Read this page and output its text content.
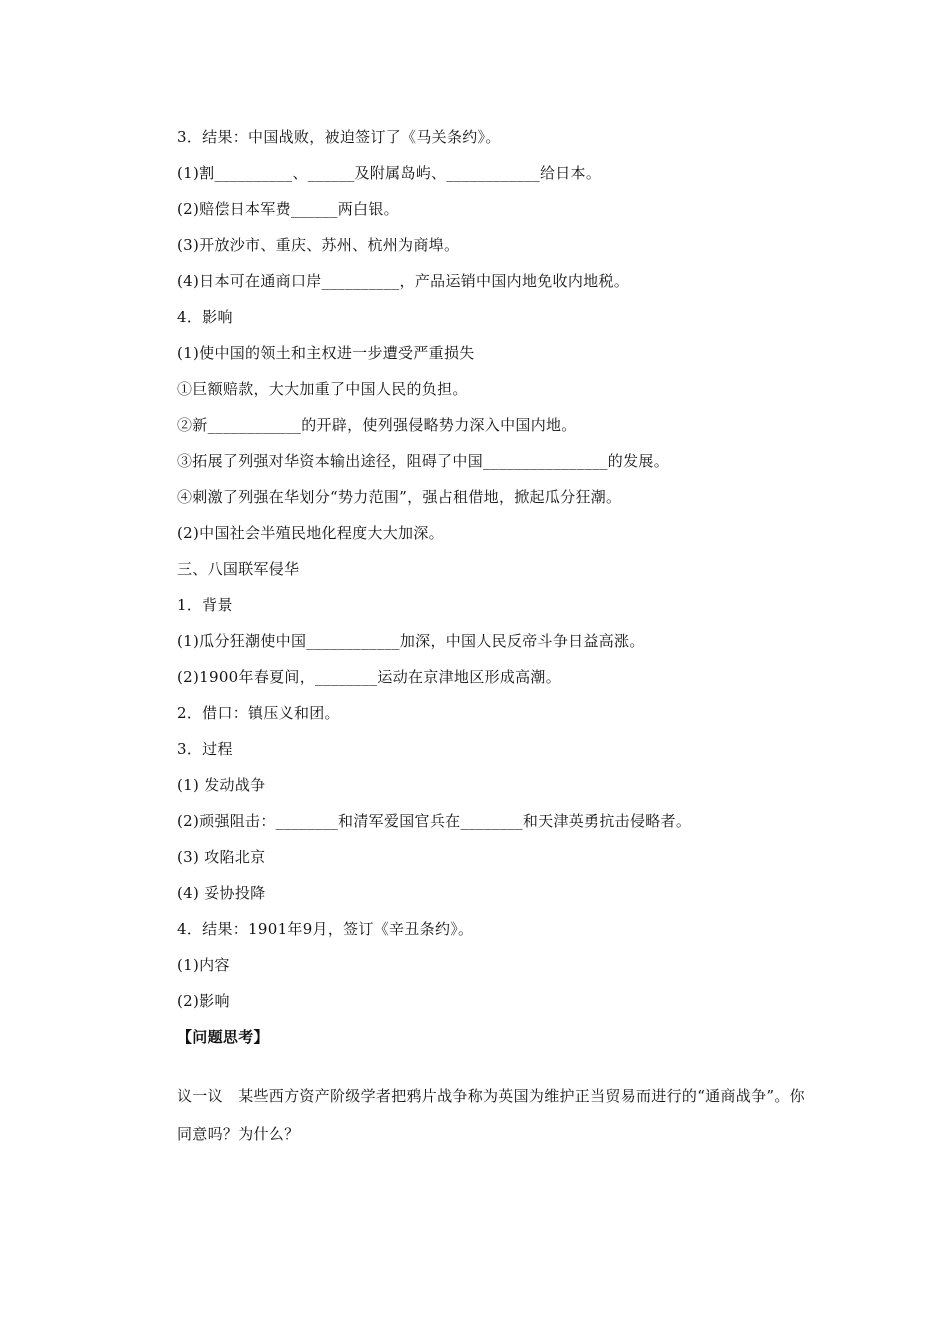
3．结果：中国战败，被迫签订了《马关条约》。
(1)割__________、______及附属岛屿、____________给日本。
(2)赔偿日本军费______两白银。
(3)开放沙市、重庆、苏州、杭州为商埠。
(4)日本可在通商口岸__________，产品运销中国内地免收内地税。
4．影响
(1)使中国的领土和主权进一步遭受严重损失
①巨额赔款，大大加重了中国人民的负担。
②新____________的开辟，使列强侵略势力深入中国内地。
③拓展了列强对华资本输出途径，阻碍了中国________________的发展。
④刺激了列强在华划分“势力范围”，强占租借地，掀起瓜分狂潮。
(2)中国社会半殖民地化程度大大加深。
三、八国联军侵华
1．背景
(1)瓜分狂潮使中国____________加深，中国人民反帝斗争日益高涨。
(2)1900年春夏间，________运动在京津地区形成高潮。
2．借口：镇压义和团。
3．过程
(1) 发动战争
(2)顽强阻击：________和清军爱国官兵在________和天津英勇抗击侵略者。
(3) 攻陷北京
(4) 妥协投降
4．结果：1901年9月，签订《辛丑条约》。
(1)内容
(2)影响
【问题思考】
议一议　某些西方资产阶级学者把鸦片战争称为英国为维护正当贸易而进行的“通商战争”。你同意吗？为什么？
